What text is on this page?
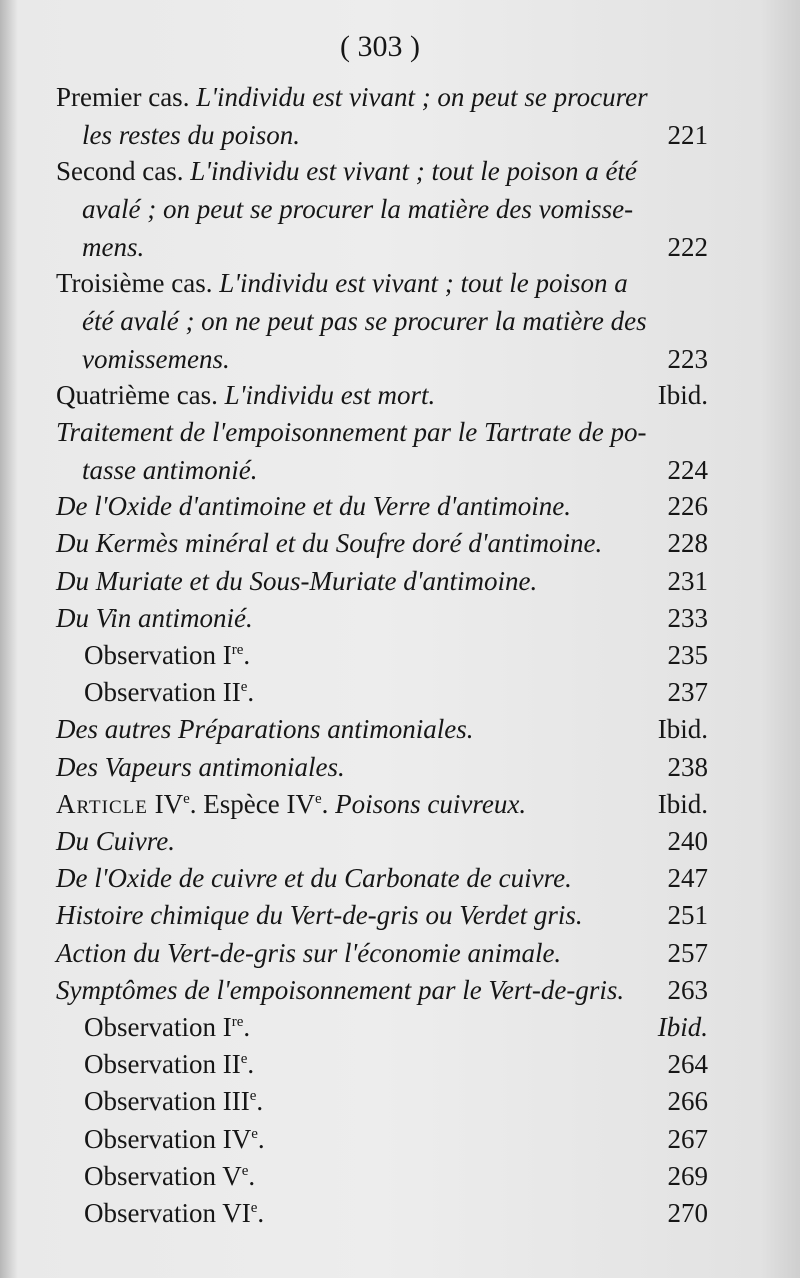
( 303 )
Premier cas. L'individu est vivant ; on peut se procurer
les restes du poison.	221
Second cas. L'individu est vivant ; tout le poison a été
avalé ; on peut se procurer la matière des vomisse-
mens.	222
Troisième cas. L'individu est vivant ; tout le poison a
été avalé ; on ne peut pas se procurer la matière des
vomissemens.	223
Quatrième cas. L'individu est mort.	Ibid.
Traitement de l'empoisonnement par le Tartrate de po-
tasse antimonié.	224
De l'Oxide d'antimoine et du Verre d'antimoine.	226
Du Kermès minéral et du Soufre doré d'antimoine. 228
Du Muriate et du Sous-Muriate d'antimoine.	231
Du Vin antimonié.	233
Observation Ire.	235
Observation IIe.	237
Des autres Préparations antimoniales.	Ibid.
Des Vapeurs antimoniales.	238
Article IVe. Espèce IVe. Poisons cuivreux.	Ibid.
Du Cuivre.	240
De l'Oxide de cuivre et du Carbonate de cuivre.	247
Histoire chimique du Vert-de-gris ou Verdet gris.	251
Action du Vert-de-gris sur l'économie animale.	257
Symptômes de l'empoisonnement par le Vert-de-gris. 263
Observation Ire.	Ibid.
Observation IIe.	264
Observation IIIe.	266
Observation IVe.	267
Observation Ve.	269
Observation VIe.	270
